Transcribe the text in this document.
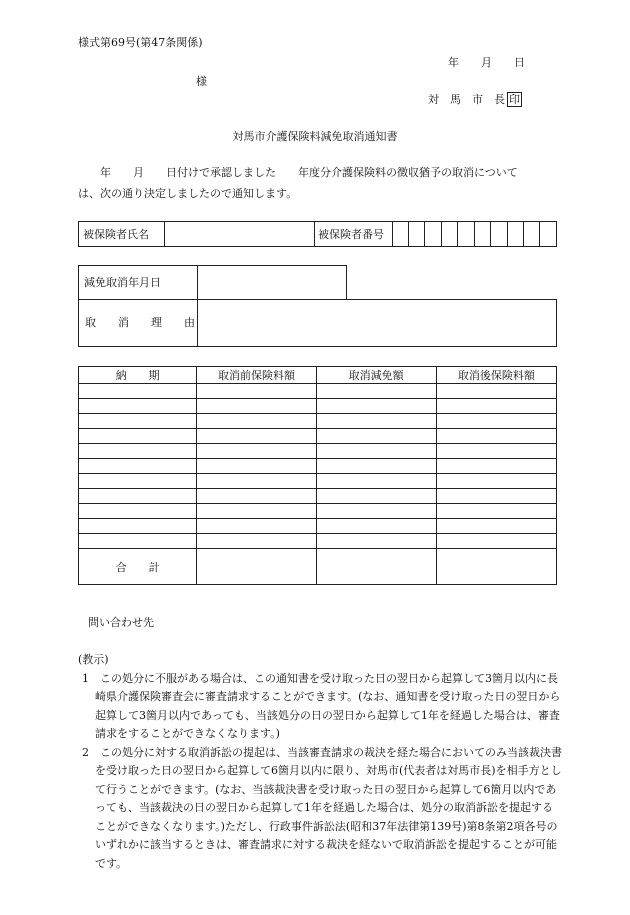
様式第69号(第47条関係)
年　　月　　日
様
対　馬　市　長 印
対馬市介護保険料減免取消通知書
年　　月　　日付けで承認しました　　年度分介護保険料の徴収猶予の取消について
は、次の通り決定しましたので通知します。
被保険者氏名		被保険者番号										
減免取消年月日
取　　消　　理　　由
納　　期	取消前保険料額	取消減免額	取消後保険料額

合　　計			
問い合わせ先
(教示)

1　この処分に不服がある場合は、この通知書を受け取った日の翌日から起算して3箇月以内に長崎県介護保険審査会に審査請求することができます。(なお、通知書を受け取った日の翌日から起算して3箇月以内であっても、当該処分の日の翌日から起算して1年を経過した場合は、審査請求をすることができなくなります。)

2　この処分に対する取消訴訟の提起は、当該審査請求の裁決を経た場合においてのみ当該裁決書を受け取った日の翌日から起算して6箇月以内に限り、対馬市(代表者は対馬市長)を相手方として行うことができます。(なお、当該裁決書を受け取った日の翌日から起算して6箇月以内であっても、当該裁決の日の翌日から起算して1年を経過した場合は、処分の取消訴訟を提起することができなくなります。)ただし、行政事件訴訟法(昭和37年法律第139号)第8条第2項各号のいずれかに該当するときは、審査請求に対する裁決を経ないで取消訴訟を提起することが可能です。
